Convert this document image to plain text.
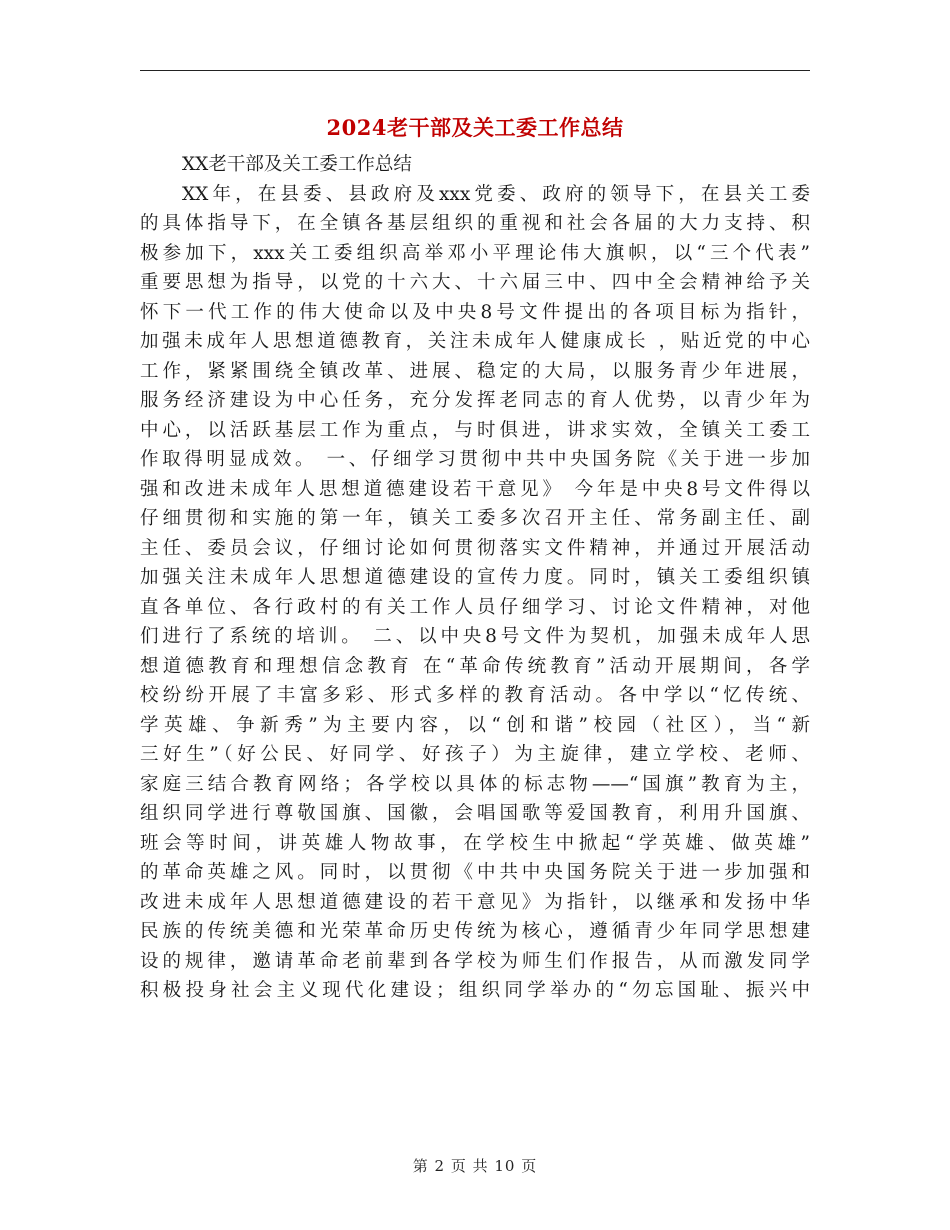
2024老干部及关工委工作总结
XX老干部及关工委工作总结
XX年，在县委、县政府及xxx党委、政府的领导下，在县关工委
的具体指导下，在全镇各基层组织的重视和社会各届的大力支持、积
极参加下，xxx关工委组织高举邓小平理论伟大旗帜，以“三个代表”
重要思想为指导，以党的十六大、十六届三中、四中全会精神给予关
怀下一代工作的伟大使命以及中央8号文件提出的各项目标为指针，
加强未成年人思想道德教育，关注未成年人健康成长 ，贴近党的中心
工作，紧紧围绕全镇改革、进展、稳定的大局，以服务青少年进展，
服务经济建设为中心任务，充分发挥老同志的育人优势，以青少年为
中心，以活跃基层工作为重点，与时俱进，讲求实效，全镇关工委工
作取得明显成效。 一、仔细学习贯彻中共中央国务院《关于进一步加
强和改进未成年人思想道德建设若干意见》 今年是中央8号文件得以
仔细贯彻和实施的第一年，镇关工委多次召开主任、常务副主任、副
主任、委员会议，仔细讨论如何贯彻落实文件精神，并通过开展活动
加强关注未成年人思想道德建设的宣传力度。同时，镇关工委组织镇
直各单位、各行政村的有关工作人员仔细学习、讨论文件精神，对他
们进行了系统的培训。 二、以中央8号文件为契机，加强未成年人思
想道德教育和理想信念教育 在“革命传统教育”活动开展期间，各学
校纷纷开展了丰富多彩、形式多样的教育活动。各中学以“忆传统、
学英雄、争新秀”为主要内容，以“创和谐”校园（社区），当“新
三好生”（好公民、好同学、好孩子）为主旋律，建立学校、老师、
家庭三结合教育网络；各学校以具体的标志物——“国旗”教育为主，
组织同学进行尊敬国旗、国徽，会唱国歌等爱国教育，利用升国旗、
班会等时间，讲英雄人物故事，在学校生中掀起“学英雄、做英雄”
的革命英雄之风。同时，以贯彻《中共中央国务院关于进一步加强和
改进未成年人思想道德建设的若干意见》为指针，以继承和发扬中华
民族的传统美德和光荣革命历史传统为核心，遵循青少年同学思想建
设的规律，邀请革命老前辈到各学校为师生们作报告，从而激发同学
积极投身社会主义现代化建设；组织同学举办的“勿忘国耻、振兴中
第 2 页 共 10 页
